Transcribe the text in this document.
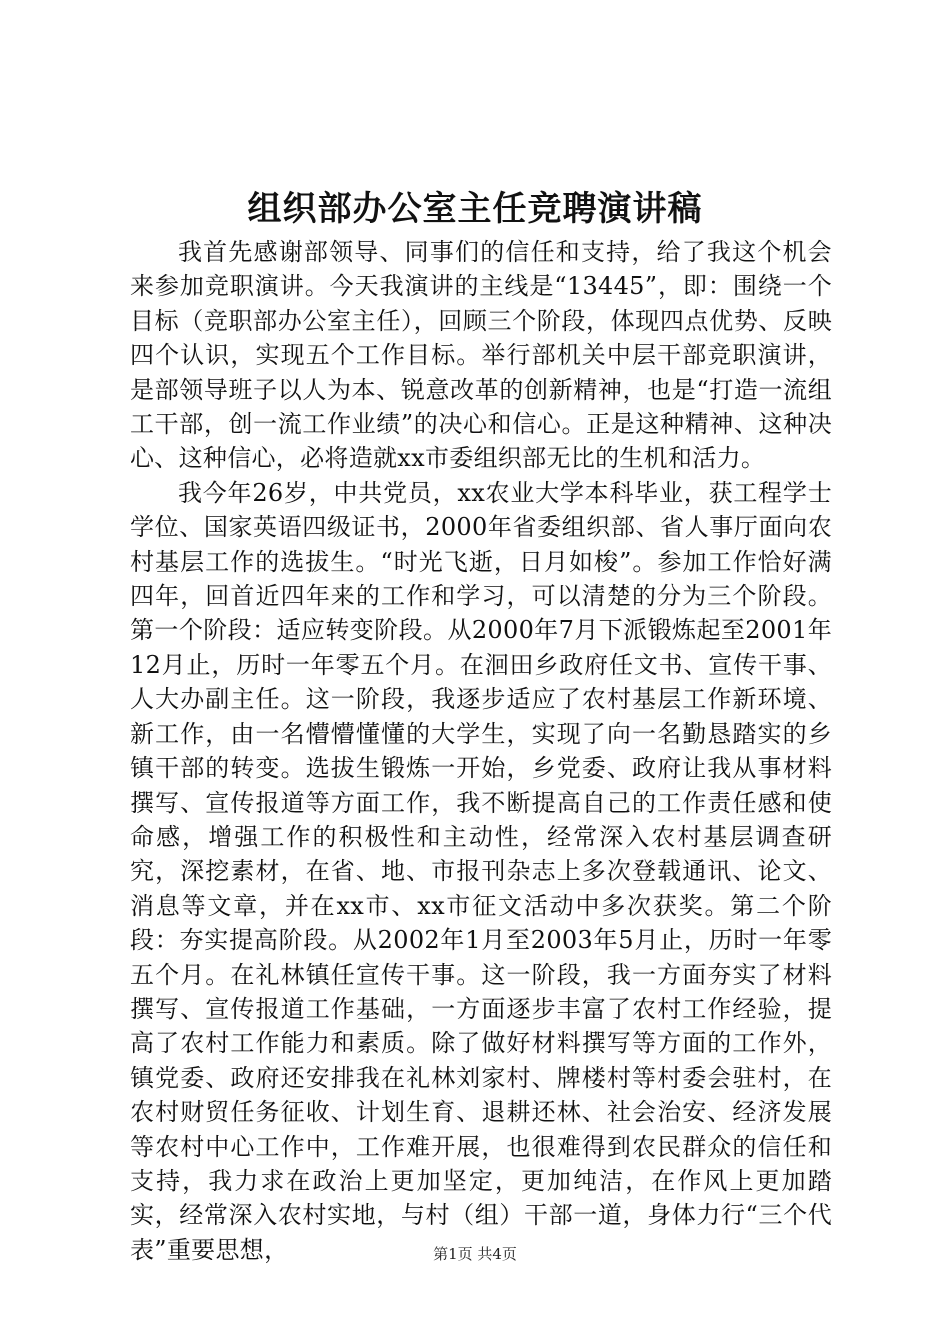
组织部办公室主任竞聘演讲稿

我首先感谢部领导、同事们的信任和支持，给了我这个机会来参加竞职演讲。今天我演讲的主线是“13445”，即：围绕一个目标（竞职部办公室主任），回顾三个阶段，体现四点优势、反映四个认识，实现五个工作目标。举行部机关中层干部竞职演讲，是部领导班子以人为本、锐意改革的创新精神，也是“打造一流组工干部，创一流工作业绩”的决心和信心。正是这种精神、这种决心、这种信心，必将造就xx市委组织部无比的生机和活力。

我今年26岁，中共党员，xx农业大学本科毕业，获工程学士学位、国家英语四级证书，2000年省委组织部、省人事厅面向农村基层工作的选拔生。“时光飞逝，日月如梭”。参加工作恰好满四年，回首近四年来的工作和学习，可以清楚的分为三个阶段。第一个阶段：适应转变阶段。从2000年7月下派锻炼起至2001年12月止，历时一年零五个月。在洄田乡政府任文书、宣传干事、人大办副主任。这一阶段，我逐步适应了农村基层工作新环境、新工作，由一名懵懵懂懂的大学生，实现了向一名勤恳踏实的乡镇干部的转变。选拔生锻炼一开始，乡党委、政府让我从事材料撰写、宣传报道等方面工作，我不断提高自己的工作责任感和使命感，增强工作的积极性和主动性，经常深入农村基层调查研究，深挖素材，在省、地、市报刊杂志上多次登载通讯、论文、消息等文章，并在xx市、xx市征文活动中多次获奖。第二个阶段：夯实提高阶段。从2002年1月至2003年5月止，历时一年零五个月。在礼林镇任宣传干事。这一阶段，我一方面夯实了材料撰写、宣传报道工作基础，一方面逐步丰富了农村工作经验，提高了农村工作能力和素质。除了做好材料撰写等方面的工作外，镇党委、政府还安排我在礼林刘家村、牌楼村等村委会驻村，在农村财贸任务征收、计划生育、退耕还林、社会治安、经济发展等农村中心工作中，工作难开展，也很难得到农民群众的信任和支持，我力求在政治上更加坚定，更加纯洁，在作风上更加踏实，经常深入农村实地，与村（组）干部一道，身体力行“三个代表”重要思想，	第1页 共4页
